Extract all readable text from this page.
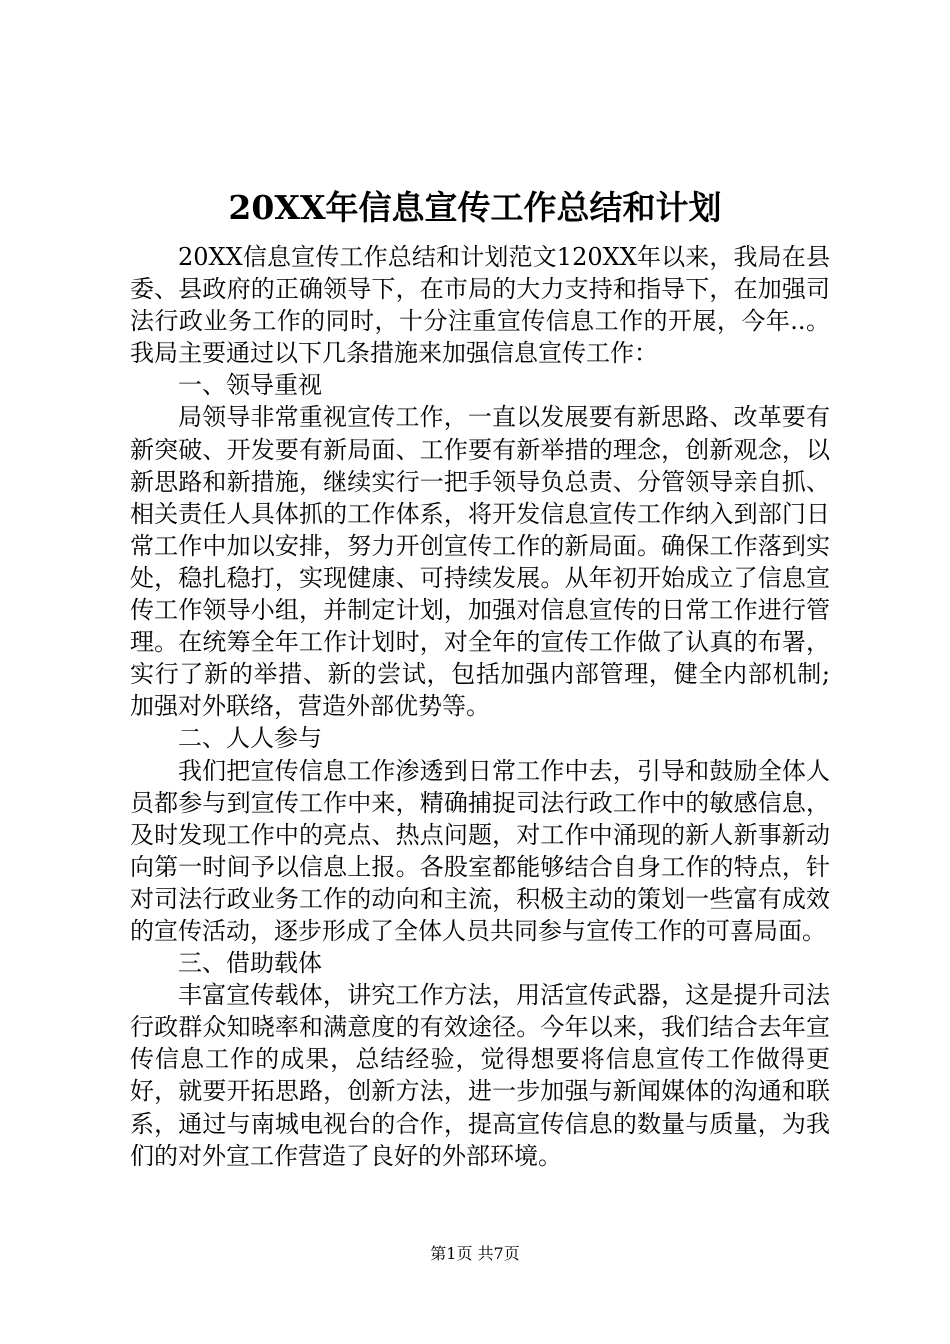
20XX年信息宣传工作总结和计划

20XX信息宣传工作总结和计划范文120XX年以来，我局在县委、县政府的正确领导下，在市局的大力支持和指导下，在加强司法行政业务工作的同时，十分注重宣传信息工作的开展，今年..。我局主要通过以下几条措施来加强信息宣传工作：

一、领导重视

局领导非常重视宣传工作，一直以发展要有新思路、改革要有新突破、开发要有新局面、工作要有新举措的理念，创新观念，以新思路和新措施，继续实行一把手领导负总责、分管领导亲自抓、相关责任人具体抓的工作体系，将开发信息宣传工作纳入到部门日常工作中加以安排，努力开创宣传工作的新局面。确保工作落到实处，稳扎稳打，实现健康、可持续发展。从年初开始成立了信息宣传工作领导小组，并制定计划，加强对信息宣传的日常工作进行管理。在统筹全年工作计划时，对全年的宣传工作做了认真的布署，实行了新的举措、新的尝试，包括加强内部管理，健全内部机制;加强对外联络，营造外部优势等。

二、人人参与

我们把宣传信息工作渗透到日常工作中去，引导和鼓励全体人员都参与到宣传工作中来，精确捕捉司法行政工作中的敏感信息，及时发现工作中的亮点、热点问题，对工作中涌现的新人新事新动向第一时间予以信息上报。各股室都能够结合自身工作的特点，针对司法行政业务工作的动向和主流，积极主动的策划一些富有成效的宣传活动，逐步形成了全体人员共同参与宣传工作的可喜局面。

三、借助载体

丰富宣传载体，讲究工作方法，用活宣传武器，这是提升司法行政群众知晓率和满意度的有效途径。今年以来，我们结合去年宣传信息工作的成果，总结经验，觉得想要将信息宣传工作做得更好，就要开拓思路，创新方法，进一步加强与新闻媒体的沟通和联系，通过与南城电视台的合作，提高宣传信息的数量与质量，为我们的对外宣工作营造了良好的外部环境。

第1页 共7页
